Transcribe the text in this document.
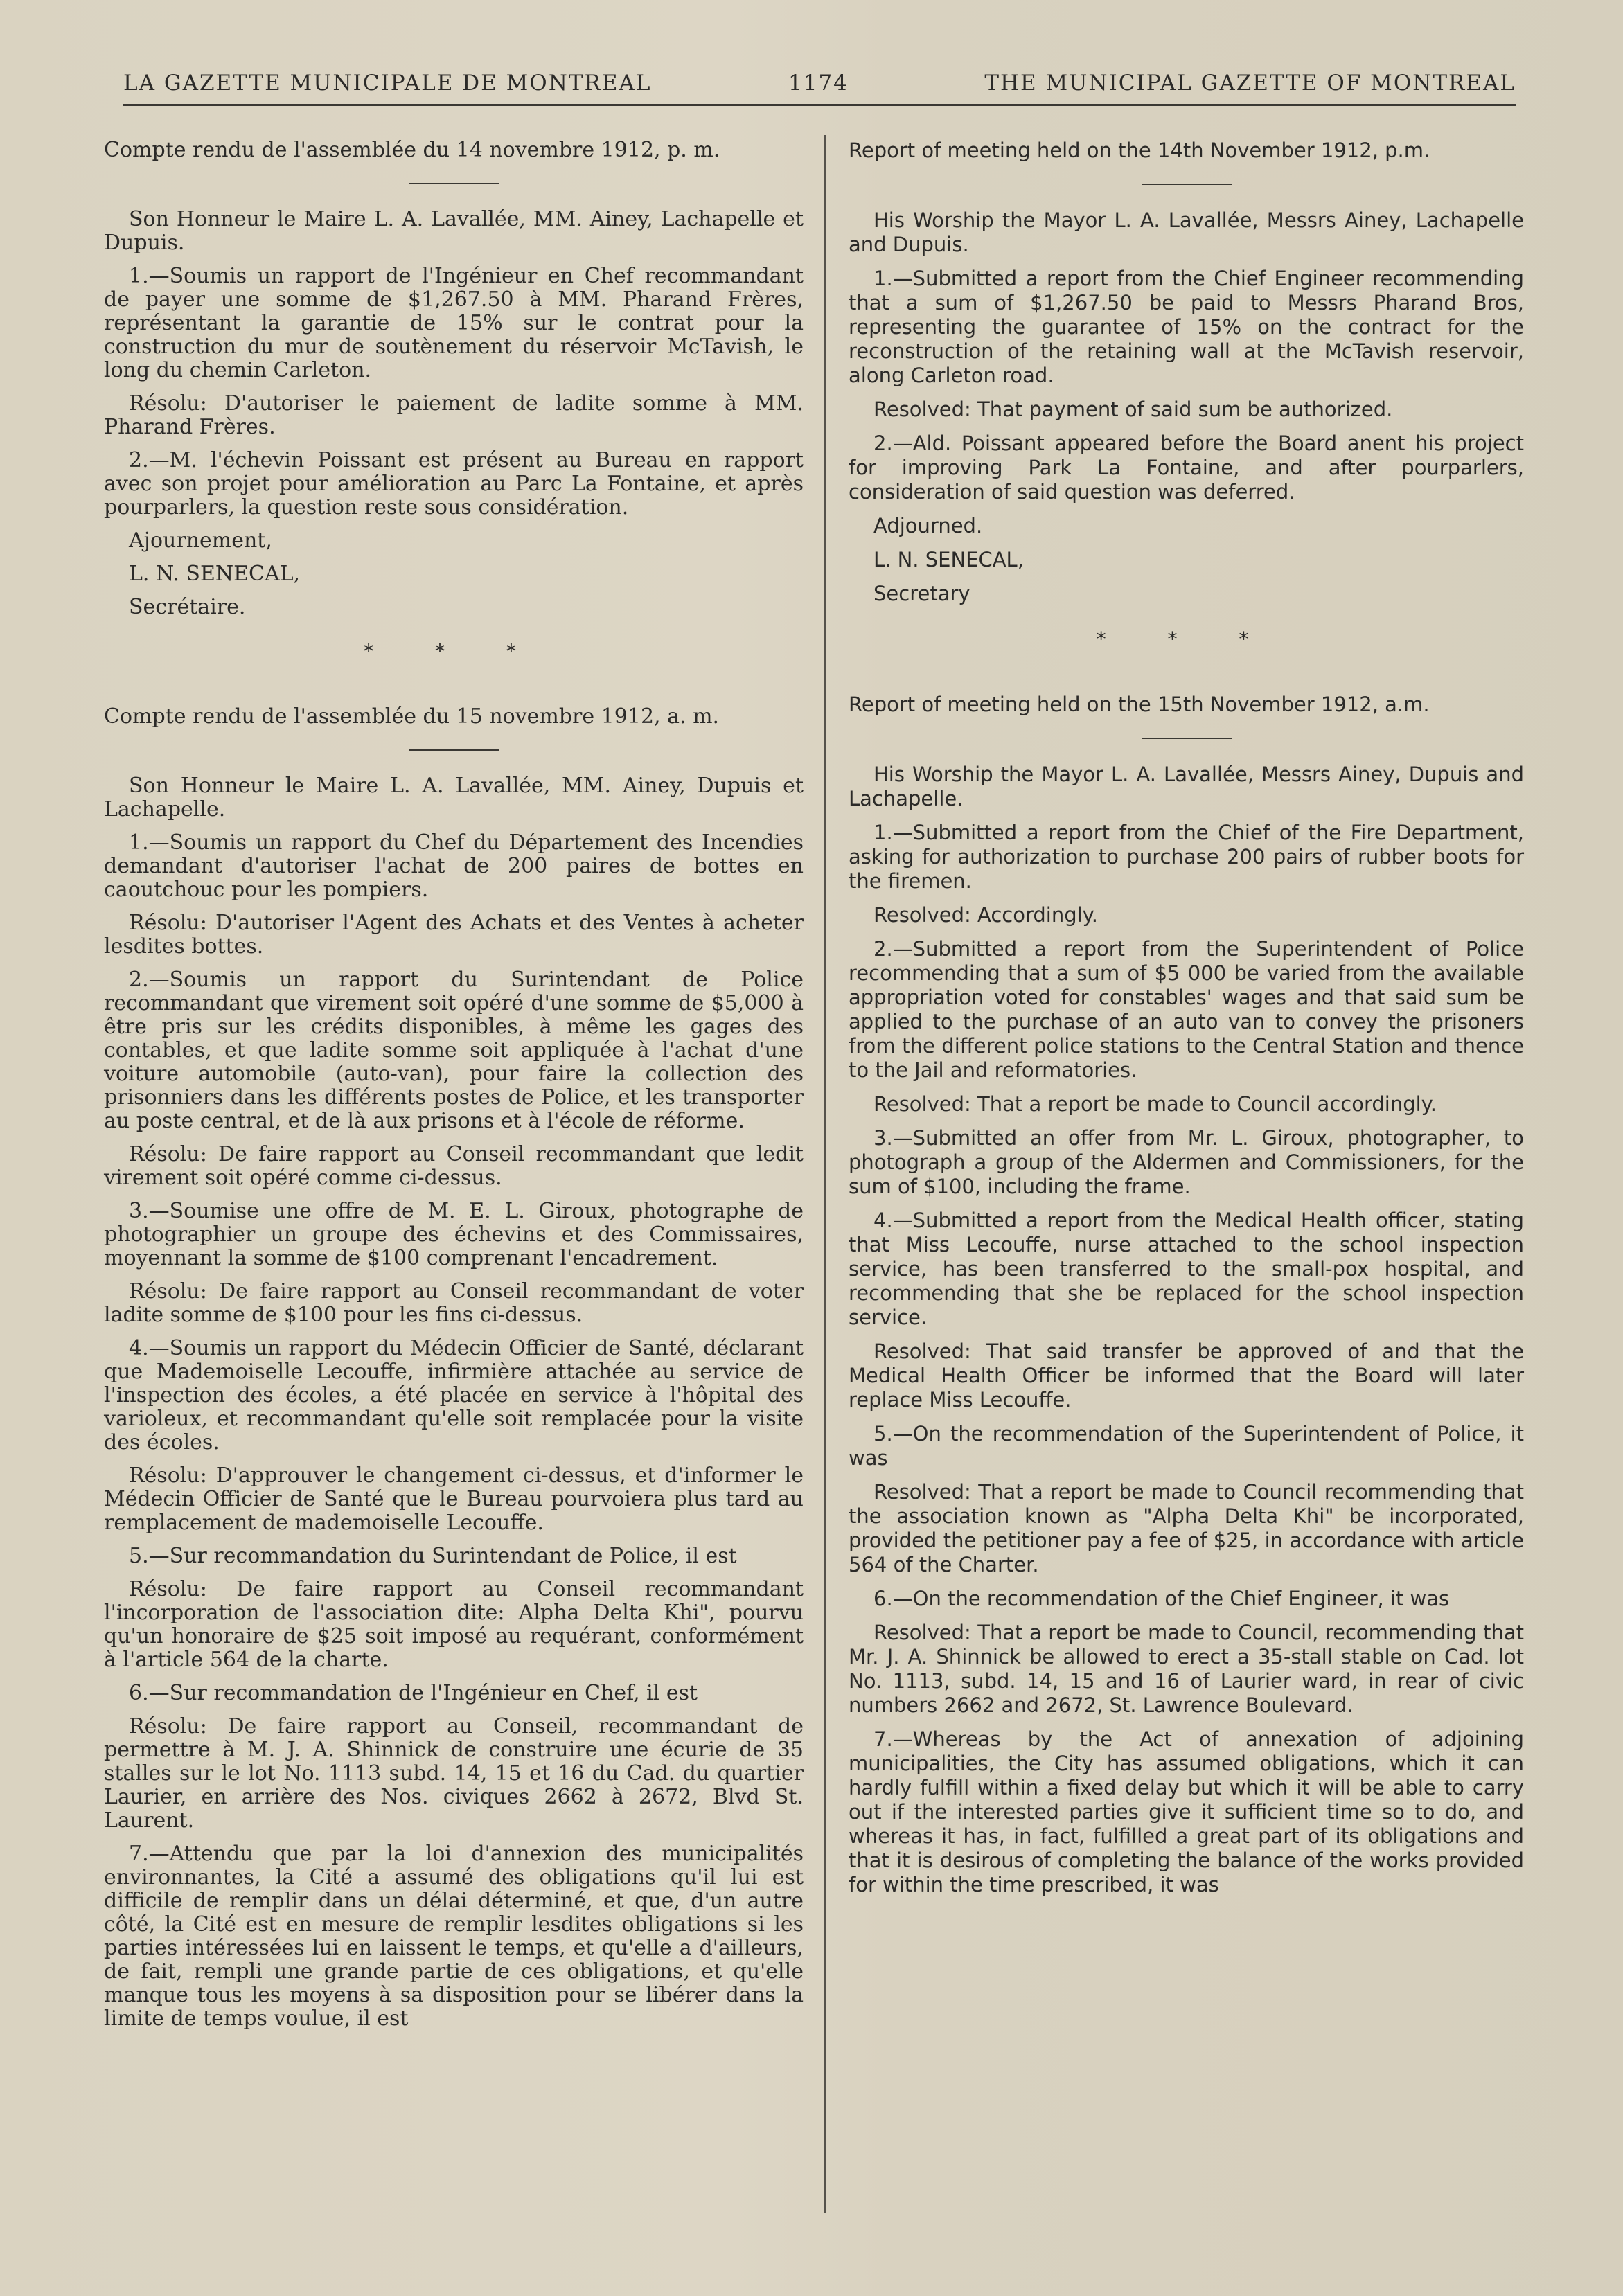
LA GAZETTE MUNICIPALE DE MONTREAL	1174	THE MUNICIPAL GAZETTE OF MONTREAL

Compte rendu de l'assemblée du 14 novembre 1912, p. m.

Son Honneur le Maire L. A. Lavallée, MM. Ainey, Lachapelle et Dupuis.

1.—Soumis un rapport de l'Ingénieur en Chef recommandant de payer une somme de $1,267.50 à MM. Pharand Frères, représentant la garantie de 15% sur le contrat pour la construction du mur de soutènement du réservoir McTavish, le long du chemin Carleton.

Résolu: D'autoriser le paiement de ladite somme à MM. Pharand Frères.

2.—M. l'échevin Poissant est présent au Bureau en rapport avec son projet pour amélioration au Parc La Fontaine, et après pourparlers, la question reste sous considération.

Ajournement,

L. N. SENECAL,

Secrétaire.

* * *

Compte rendu de l'assemblée du 15 novembre 1912, a. m.

Son Honneur le Maire L. A. Lavallée, MM. Ainey, Dupuis et Lachapelle.

1.—Soumis un rapport du Chef du Département des Incendies demandant d'autoriser l'achat de 200 paires de bottes en caoutchouc pour les pompiers.

Résolu: D'autoriser l'Agent des Achats et des Ventes à acheter lesdites bottes.

2.—Soumis un rapport du Surintendant de Police recommandant que virement soit opéré d'une somme de $5,000 à être pris sur les crédits disponibles, à même les gages des contables, et que ladite somme soit appliquée à l'achat d'une voiture automobile (auto-van), pour faire la collection des prisonniers dans les différents postes de Police, et les transporter au poste central, et de là aux prisons et à l'école de réforme.

Résolu: De faire rapport au Conseil recommandant que ledit virement soit opéré comme ci-dessus.

3.—Soumise une offre de M. E. L. Giroux, photographe de photographier un groupe des échevins et des Commissaires, moyennant la somme de $100 comprenant l'encadrement.

Résolu: De faire rapport au Conseil recommandant de voter ladite somme de $100 pour les fins ci-dessus.

4.—Soumis un rapport du Médecin Officier de Santé, déclarant que Mademoiselle Lecouffe, infirmière attachée au service de l'inspection des écoles, a été placée en service à l'hôpital des varioleux, et recommandant qu'elle soit remplacée pour la visite des écoles.

Résolu: D'approuver le changement ci-dessus, et d'informer le Médecin Officier de Santé que le Bureau pourvoiera plus tard au remplacement de mademoiselle Lecouffe.

5.—Sur recommandation du Surintendant de Police, il est

Résolu: De faire rapport au Conseil recommandant l'incorporation de l'association dite: Alpha Delta Khi", pourvu qu'un honoraire de $25 soit imposé au requérant, conformément à l'article 564 de la charte.

6.—Sur recommandation de l'Ingénieur en Chef, il est

Résolu: De faire rapport au Conseil, recommandant de permettre à M. J. A. Shinnick de construire une écurie de 35 stalles sur le lot No. 1113 subd. 14, 15 et 16 du Cad. du quartier Laurier, en arrière des Nos. civiques 2662 à 2672, Blvd St. Laurent.

7.—Attendu que par la loi d'annexion des municipalités environnantes, la Cité a assumé des obligations qu'il lui est difficile de remplir dans un délai déterminé, et que, d'un autre côté, la Cité est en mesure de remplir lesdites obligations si les parties intéressées lui en laissent le temps, et qu'elle a d'ailleurs, de fait, rempli une grande partie de ces obligations, et qu'elle manque tous les moyens à sa disposition pour se libérer dans la limite de temps voulue, il est

Report of meeting held on the 14th November 1912, p.m.

His Worship the Mayor L. A. Lavallée, Messrs Ainey, Lachapelle and Dupuis.

1.—Submitted a report from the Chief Engineer recommending that a sum of $1,267.50 be paid to Messrs Pharand Bros, representing the guarantee of 15% on the contract for the reconstruction of the retaining wall at the McTavish reservoir, along Carleton road.

Resolved: That payment of said sum be authorized.

2.—Ald. Poissant appeared before the Board anent his project for improving Park La Fontaine, and after pourparlers, consideration of said question was deferred.

Adjourned.

L. N. SENECAL,

Secretary

* * *

Report of meeting held on the 15th November 1912, a.m.

His Worship the Mayor L. A. Lavallée, Messrs Ainey, Dupuis and Lachapelle.

1.—Submitted a report from the Chief of the Fire Department, asking for authorization to purchase 200 pairs of rubber boots for the firemen.

Resolved: Accordingly.

2.—Submitted a report from the Superintendent of Police recommending that a sum of $5 000 be varied from the available appropriation voted for constables' wages and that said sum be applied to the purchase of an auto van to convey the prisoners from the different police stations to the Central Station and thence to the Jail and reformatories.

Resolved: That a report be made to Council accordingly.

3.—Submitted an offer from Mr. L. Giroux, photographer, to photograph a group of the Aldermen and Commissioners, for the sum of $100, including the frame.

4.—Submitted a report from the Medical Health officer, stating that Miss Lecouffe, nurse attached to the school inspection service, has been transferred to the small-pox hospital, and recommending that she be replaced for the school inspection service.

Resolved: That said transfer be approved of and that the Medical Health Officer be informed that the Board will later replace Miss Lecouffe.

5.—On the recommendation of the Superintendent of Police, it was

Resolved: That a report be made to Council recommending that the association known as "Alpha Delta Khi" be incorporated, provided the petitioner pay a fee of $25, in accordance with article 564 of the Charter.

6.—On the recommendation of the Chief Engineer, it was

Resolved: That a report be made to Council, recommending that Mr. J. A. Shinnick be allowed to erect a 35-stall stable on Cad. lot No. 1113, subd. 14, 15 and 16 of Laurier ward, in rear of civic numbers 2662 and 2672, St. Lawrence Boulevard.

7.—Whereas by the Act of annexation of adjoining municipalities, the City has assumed obligations, which it can hardly fulfill within a fixed delay but which it will be able to carry out if the interested parties give it sufficient time so to do, and whereas it has, in fact, fulfilled a great part of its obligations and that it is desirous of completing the balance of the works provided for within the time prescribed, it was
